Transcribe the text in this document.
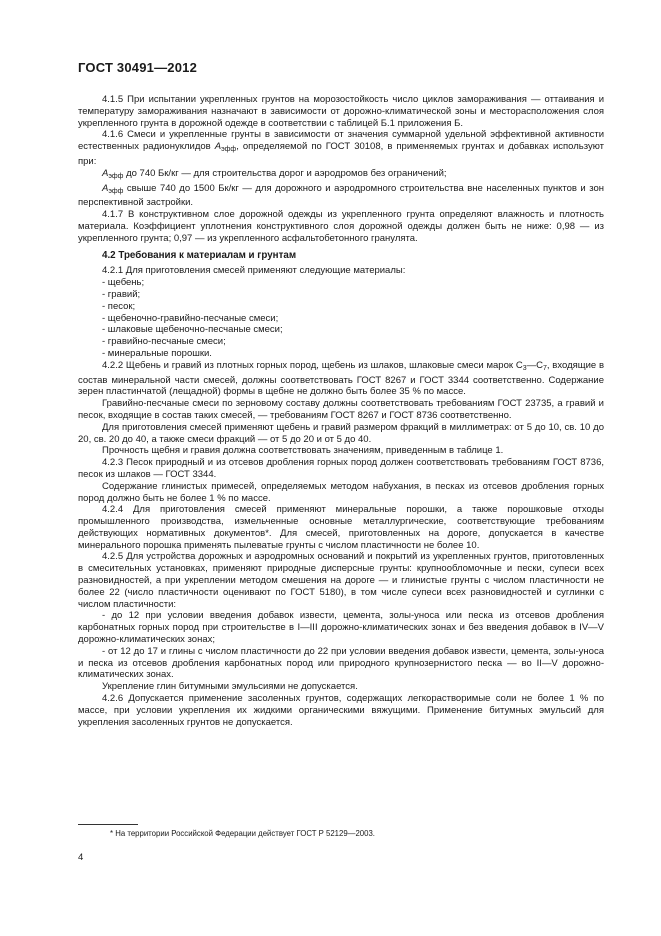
ГОСТ 30491—2012

4.1.5 При испытании укрепленных грунтов на морозостойкость число циклов замораживания — оттаивания и температуру замораживания назначают в зависимости от дорожно-климатической зоны и месторасположения слоя укрепленного грунта в дорожной одежде в соответствии с таблицей Б.1 приложения Б.

4.1.6 Смеси и укрепленные грунты в зависимости от значения суммарной удельной эффективной активности естественных радионуклидов $A_{эфф}$, определяемой по ГОСТ 30108, в применяемых грунтах и добавках используют при:

$A_{эфф}$ до 740 Бк/кг — для строительства дорог и аэродромов без ограничений;

$A_{эфф}$ свыше 740 до 1500 Бк/кг — для дорожного и аэродромного строительства вне населенных пунктов и зон перспективной застройки.

4.1.7 В конструктивном слое дорожной одежды из укрепленного грунта определяют влажность и плотность материала. Коэффициент уплотнения конструктивного слоя дорожной одежды должен быть не ниже: 0,98 — из укрепленного грунта; 0,97 — из укрепленного асфальтобетонного гранулята.

4.2 Требования к материалам и грунтам

4.2.1 Для приготовления смесей применяют следующие материалы:

- щебень;

- гравий;

- песок;

- щебеночно-гравийно-песчаные смеси;

- шлаковые щебеночно-песчаные смеси;

- гравийно-песчаные смеси;

- минеральные порошки.

4.2.2 Щебень и гравий из плотных горных пород, щебень из шлаков, шлаковые смеси марок $С_3—С_7$, входящие в состав минеральной части смесей, должны соответствовать ГОСТ 8267 и ГОСТ 3344 соответственно. Содержание зерен пластинчатой (лещадной) формы в щебне не должно быть более 35 % по массе.

Гравийно-песчаные смеси по зерновому составу должны соответствовать требованиям ГОСТ 23735, а гравий и песок, входящие в состав таких смесей, — требованиям ГОСТ 8267 и ГОСТ 8736 соответственно.

Для приготовления смесей применяют щебень и гравий размером фракций в миллиметрах: от 5 до 10, св. 10 до 20, св. 20 до 40, а также смеси фракций — от 5 до 20 и от 5 до 40.

Прочность щебня и гравия должна соответствовать значениям, приведенным в таблице 1.

4.2.3 Песок природный и из отсевов дробления горных пород должен соответствовать требованиям ГОСТ 8736, песок из шлаков — ГОСТ 3344.

Содержание глинистых примесей, определяемых методом набухания, в песках из отсевов дробления горных пород должно быть не более 1 % по массе.

4.2.4 Для приготовления смесей применяют минеральные порошки, а также порошковые отходы промышленного производства, измельченные основные металлургические, соответствующие требованиям действующих нормативных документов*. Для смесей, приготовленных на дороге, допускается в качестве минерального порошка применять пылеватые грунты с числом пластичности не более 10.

4.2.5 Для устройства дорожных и аэродромных оснований и покрытий из укрепленных грунтов, приготовленных в смесительных установках, применяют природные дисперсные грунты: крупнообломочные и пески, супеси всех разновидностей, а при укреплении методом смешения на дороге — и глинистые грунты с числом пластичности не более 22 (число пластичности оценивают по ГОСТ 5180), в том числе супеси всех разновидностей и суглинки с числом пластичности:

- до 12 при условии введения добавок извести, цемента, золы-уноса или песка из отсевов дробления карбонатных горных пород при строительстве в I—III дорожно-климатических зонах и без введения добавок в IV—V дорожно-климатических зонах;

- от 12 до 17 и глины с числом пластичности до 22 при условии введения добавок извести, цемента, золы-уноса и песка из отсевов дробления карбонатных пород или природного крупнозернистого песка — во II—V дорожно-климатических зонах.

Укрепление глин битумными эмульсиями не допускается.

4.2.6 Допускается применение засоленных грунтов, содержащих легкорастворимые соли не более 1 % по массе, при условии укрепления их жидкими органическими вяжущими. Применение битумных эмульсий для укрепления засоленных грунтов не допускается.

* На территории Российской Федерации действует ГОСТ Р 52129—2003.
4
